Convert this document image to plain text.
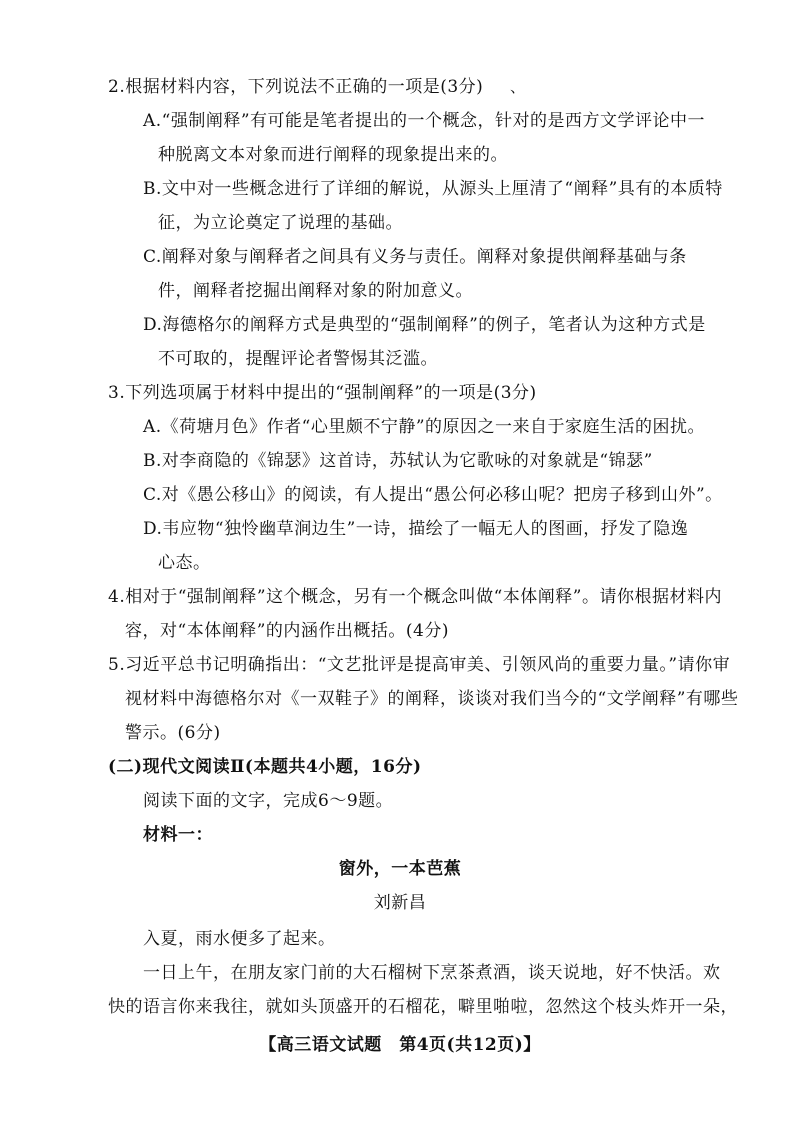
、
2.根据材料内容，下列说法不正确的一项是(3分)
A.“强制阐释”有可能是笔者提出的一个概念，针对的是西方文学评论中一
种脱离文本对象而进行阐释的现象提出来的。
B.文中对一些概念进行了详细的解说，从源头上厘清了“阐释”具有的本质特
征，为立论奠定了说理的基础。
C.阐释对象与阐释者之间具有义务与责任。阐释对象提供阐释基础与条
件，阐释者挖掘出阐释对象的附加意义。
D.海德格尔的阐释方式是典型的“强制阐释”的例子，笔者认为这种方式是
不可取的，提醒评论者警惕其泛滥。
3.下列选项属于材料中提出的“强制阐释”的一项是(3分)
A.《荷塘月色》作者“心里颇不宁静”的原因之一来自于家庭生活的困扰。
B.对李商隐的《锦瑟》这首诗，苏轼认为它歌咏的对象就是“锦瑟”
C.对《愚公移山》的阅读，有人提出“愚公何必移山呢？把房子移到山外”。
D.韦应物“独怜幽草涧边生”一诗，描绘了一幅无人的图画，抒发了隐逸
心态。
4.相对于“强制阐释”这个概念，另有一个概念叫做“本体阐释”。请你根据材料内
容，对“本体阐释”的内涵作出概括。(4分)
5.习近平总书记明确指出：“文艺批评是提高审美、引领风尚的重要力量。”请你审
视材料中海德格尔对《一双鞋子》的阐释，谈谈对我们当今的“文学阐释”有哪些
警示。(6分)
(二)现代文阅读Ⅱ(本题共4小题，16分)
阅读下面的文字，完成6～9题。
材料一：
窗外，一本芭蕉
刘新昌
入夏，雨水便多了起来。
一日上午，在朋友家门前的大石榴树下烹茶煮酒，谈天说地，好不快活。欢
快的语言你来我往，就如头顶盛开的石榴花，噼里啪啦，忽然这个枝头炸开一朵，
【高三语文试题　第4页(共12页)】
